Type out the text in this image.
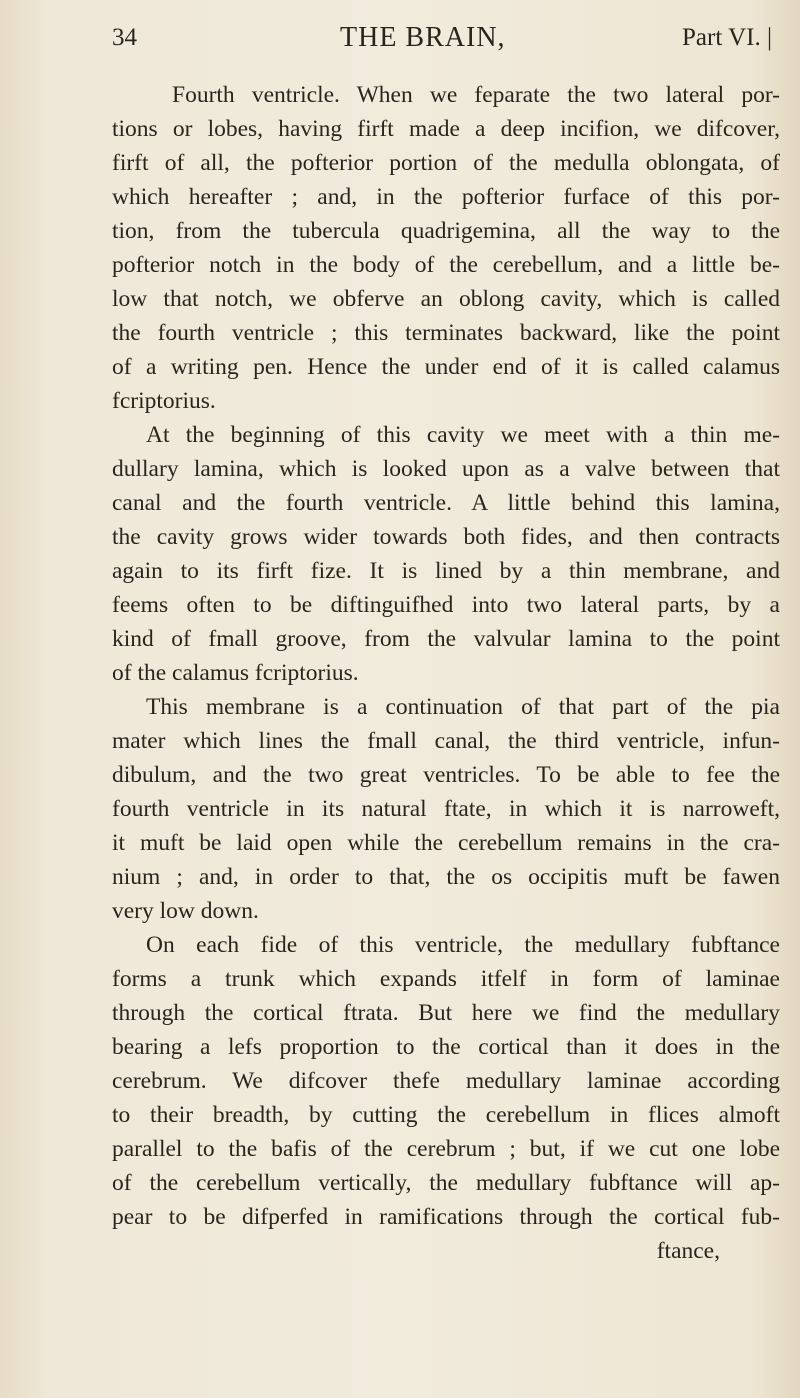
34	THE BRAIN,	Part VI. |
Fourth ventricle. When we feparate the two lateral por-
tions or lobes, having firft made a deep incifion, we difcover,
firft of all, the pofterior portion of the medulla oblongata, of
which hereafter ; and, in the pofterior furface of this por-
tion, from the tubercula quadrigemina, all the way to the
pofterior notch in the body of the cerebellum, and a little be-
low that notch, we obferve an oblong cavity, which is called
the fourth ventricle ; this terminates backward, like the point
of a writing pen. Hence the under end of it is called calamus
fcriptorius.
At the beginning of this cavity we meet with a thin me-
dullary lamina, which is looked upon as a valve between that
canal and the fourth ventricle. A little behind this lamina,
the cavity grows wider towards both fides, and then contracts
again to its firft fize. It is lined by a thin membrane, and
feems often to be diftinguifhed into two lateral parts, by a
kind of fmall groove, from the valvular lamina to the point
of the calamus fcriptorius.
This membrane is a continuation of that part of the pia
mater which lines the fmall canal, the third ventricle, infun-
dibulum, and the two great ventricles. To be able to fee the
fourth ventricle in its natural ftate, in which it is narroweft,
it muft be laid open while the cerebellum remains in the cra-
nium ; and, in order to that, the os occipitis muft be fawen
very low down.
On each fide of this ventricle, the medullary fubftance
forms a trunk which expands itfelf in form of laminae
through the cortical ftrata. But here we find the medullary
bearing a lefs proportion to the cortical than it does in the
cerebrum. We difcover thefe medullary laminae according
to their breadth, by cutting the cerebellum in flices almoft
parallel to the bafis of the cerebrum ; but, if we cut one lobe
of the cerebellum vertically, the medullary fubftance will ap-
pear to be difperfed in ramifications through the cortical fub-
ftance,
